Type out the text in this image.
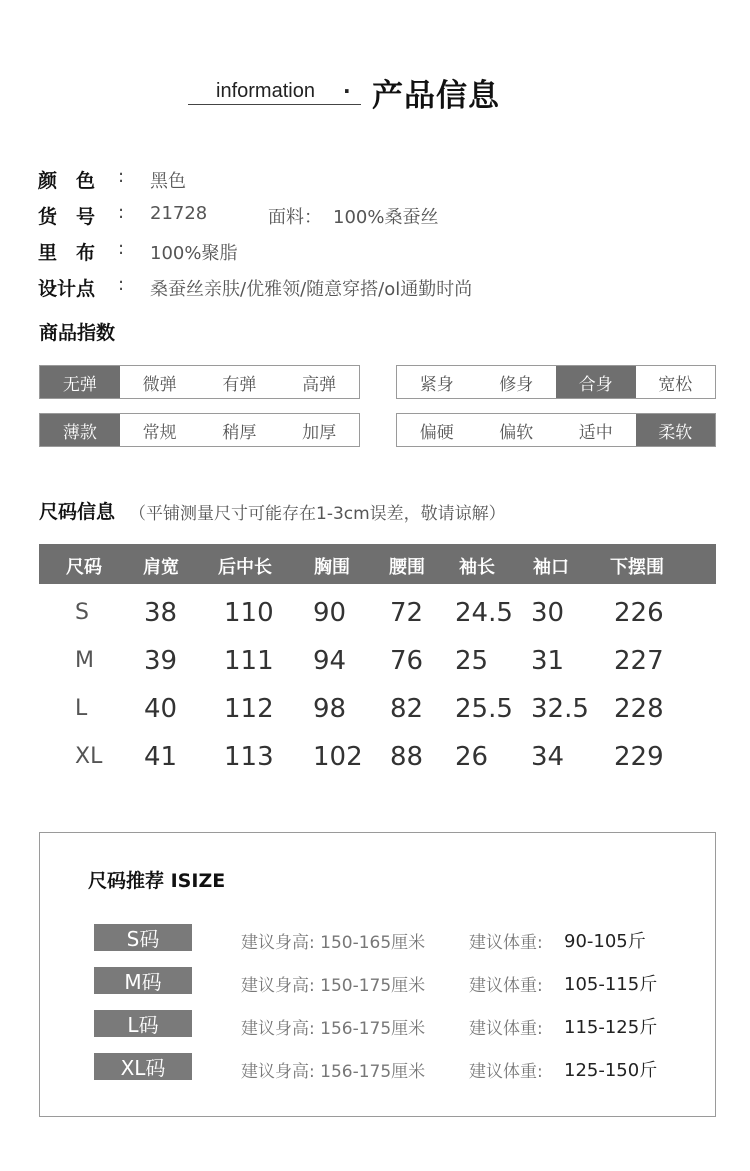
information · 产品信息
颜　色 : 黑色
货　号 : 21728	面料： 100%桑蚕丝
里　布 : 100%聚脂
设计点 : 桑蚕丝亲肤/优雅领/随意穿搭/ol通勤时尚
商品指数
无弹	微弹	有弹	高弹	紧身	修身	合身	宽松
薄款	常规	稍厚	加厚	偏硬	偏软	适中	柔软
尺码信息 （平铺测量尺寸可能存在1-3cm误差，敬请谅解）
尺码 肩宽 后中长 胸围 腰围 袖长 袖口 下摆围
S 38 110 90 72 24.5 30 226
M 39 111 94 76 25 31 227
L 40 112 98 82 25.5 32.5 228
XL 41 113 102 88 26 34 229
尺码推荐 ISIZE
S码	建议身高: 150-165厘米	建议体重: 90-105斤
M码	建议身高: 150-175厘米	建议体重: 105-115斤
L码	建议身高: 156-175厘米	建议体重: 115-125斤
XL码	建议身高: 156-175厘米	建议体重: 125-150斤
